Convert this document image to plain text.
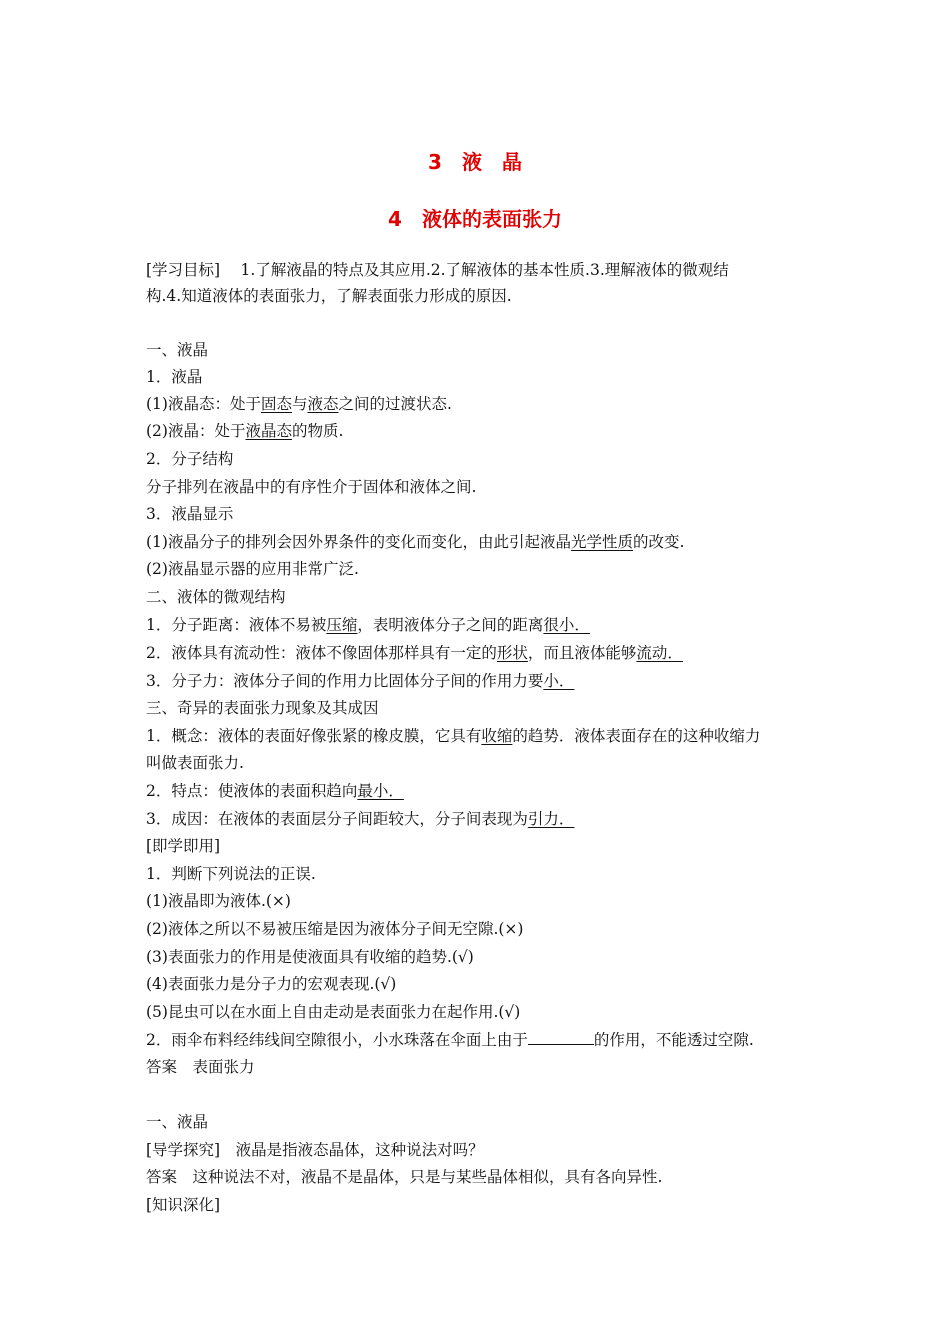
3　液　晶
4　液体的表面张力
[学习目标]　 1.了解液晶的特点及其应用.2.了解液体的基本性质.3.理解液体的微观结
构.4.知道液体的表面张力，了解表面张力形成的原因.
一、液晶
1．液晶
(1)液晶态：处于固态与液态之间的过渡状态.
(2)液晶：处于液晶态的物质.
2．分子结构
分子排列在液晶中的有序性介于固体和液体之间.
3．液晶显示
(1)液晶分子的排列会因外界条件的变化而变化，由此引起液晶光学性质的改变.
(2)液晶显示器的应用非常广泛.
二、液体的微观结构
1．分子距离：液体不易被压缩，表明液体分子之间的距离很小．
2．液体具有流动性：液体不像固体那样具有一定的形状，而且液体能够流动．
3．分子力：液体分子间的作用力比固体分子间的作用力要小．
三、奇异的表面张力现象及其成因
1．概念：液体的表面好像张紧的橡皮膜，它具有收缩的趋势．液体表面存在的这种收缩力
叫做表面张力.
2．特点：使液体的表面积趋向最小．
3．成因：在液体的表面层分子间距较大，分子间表现为引力．
[即学即用]
1．判断下列说法的正误.
(1)液晶即为液体.(×)
(2)液体之所以不易被压缩是因为液体分子间无空隙.(×)
(3)表面张力的作用是使液面具有收缩的趋势.(√)
(4)表面张力是分子力的宏观表现.(√)
(5)昆虫可以在水面上自由走动是表面张力在起作用.(√)
2．雨伞布料经纬线间空隙很小，小水珠落在伞面上由于	的作用，不能透过空隙.
答案　表面张力
一、液晶
[导学探究]　 液晶是指液态晶体，这种说法对吗？
答案　这种说法不对，液晶不是晶体，只是与某些晶体相似，具有各向异性.
[知识深化]
